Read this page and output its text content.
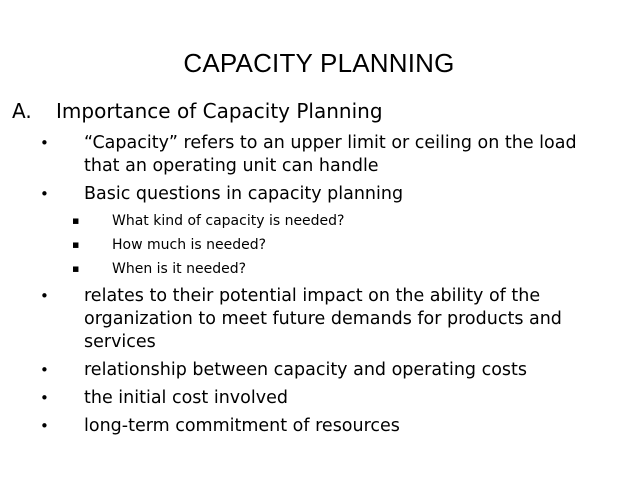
CAPACITY PLANNING
A. Importance of Capacity Planning
• “Capacity” refers to an upper limit or ceiling on the load that an operating unit can handle
• Basic questions in capacity planning
▪ What kind of capacity is needed?
▪ How much is needed?
▪ When is it needed?
• relates to their potential impact on the ability of the organization to meet future demands for products and services
• relationship between capacity and operating costs
• the initial cost involved
• long-term commitment of resources
